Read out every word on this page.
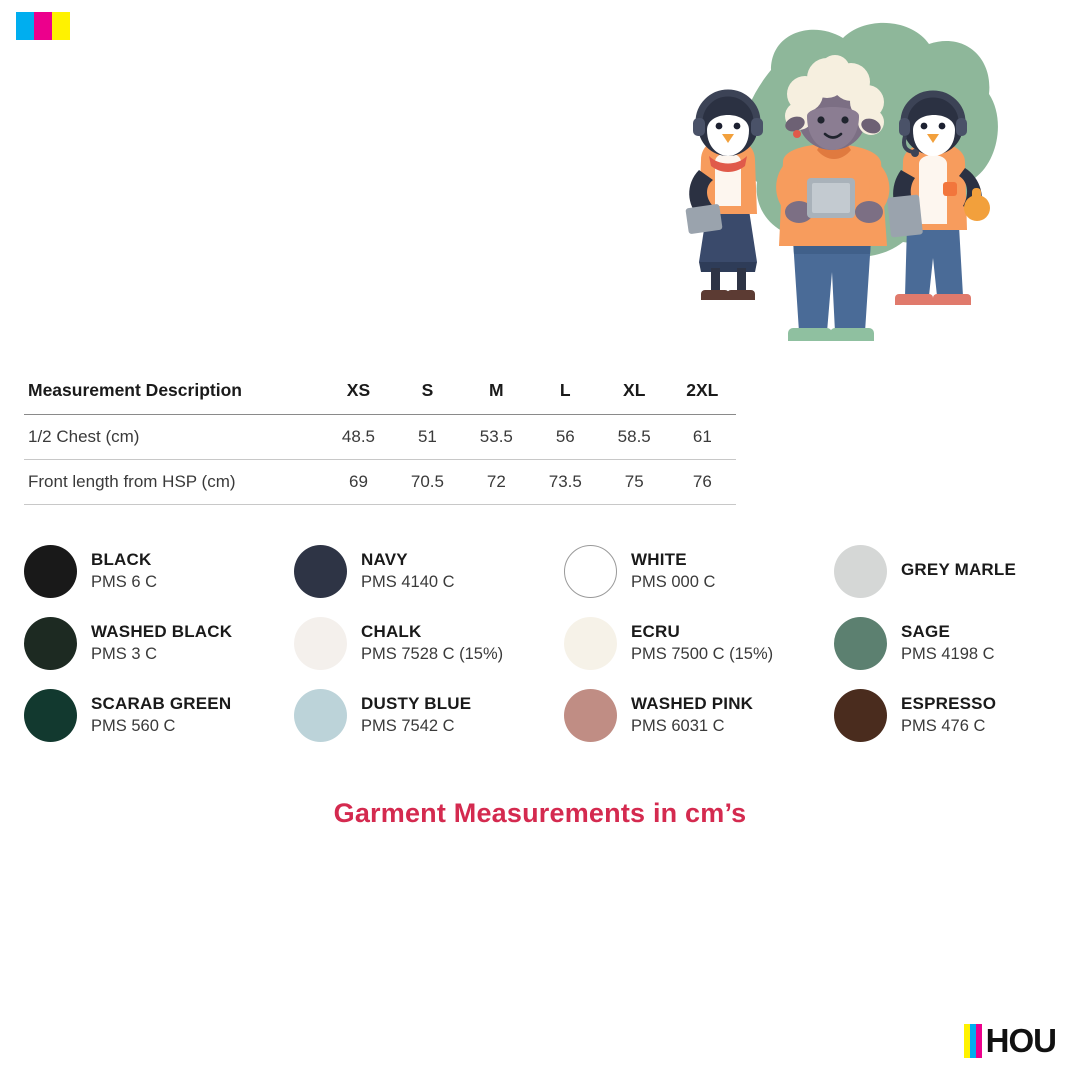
Measurement Description	XS	S	M	L	XL	2XL
1/2 Chest (cm)	48.5	51	53.5	56	58.5	61
Front length from HSP (cm)	69	70.5	72	73.5	75	76
BLACK
PMS 6 C
NAVY
PMS 4140 C
WHITE
PMS 000 C
GREY MARLE
WASHED BLACK
PMS 3 C
CHALK
PMS 7528 C (15%)
ECRU
PMS 7500 C (15%)
SAGE
PMS 4198 C
SCARAB GREEN
PMS 560 C
DUSTY BLUE
PMS 7542 C
WASHED PINK
PMS 6031 C
ESPRESSO
PMS 476 C
Garment Measurements in cm’s
HOU
